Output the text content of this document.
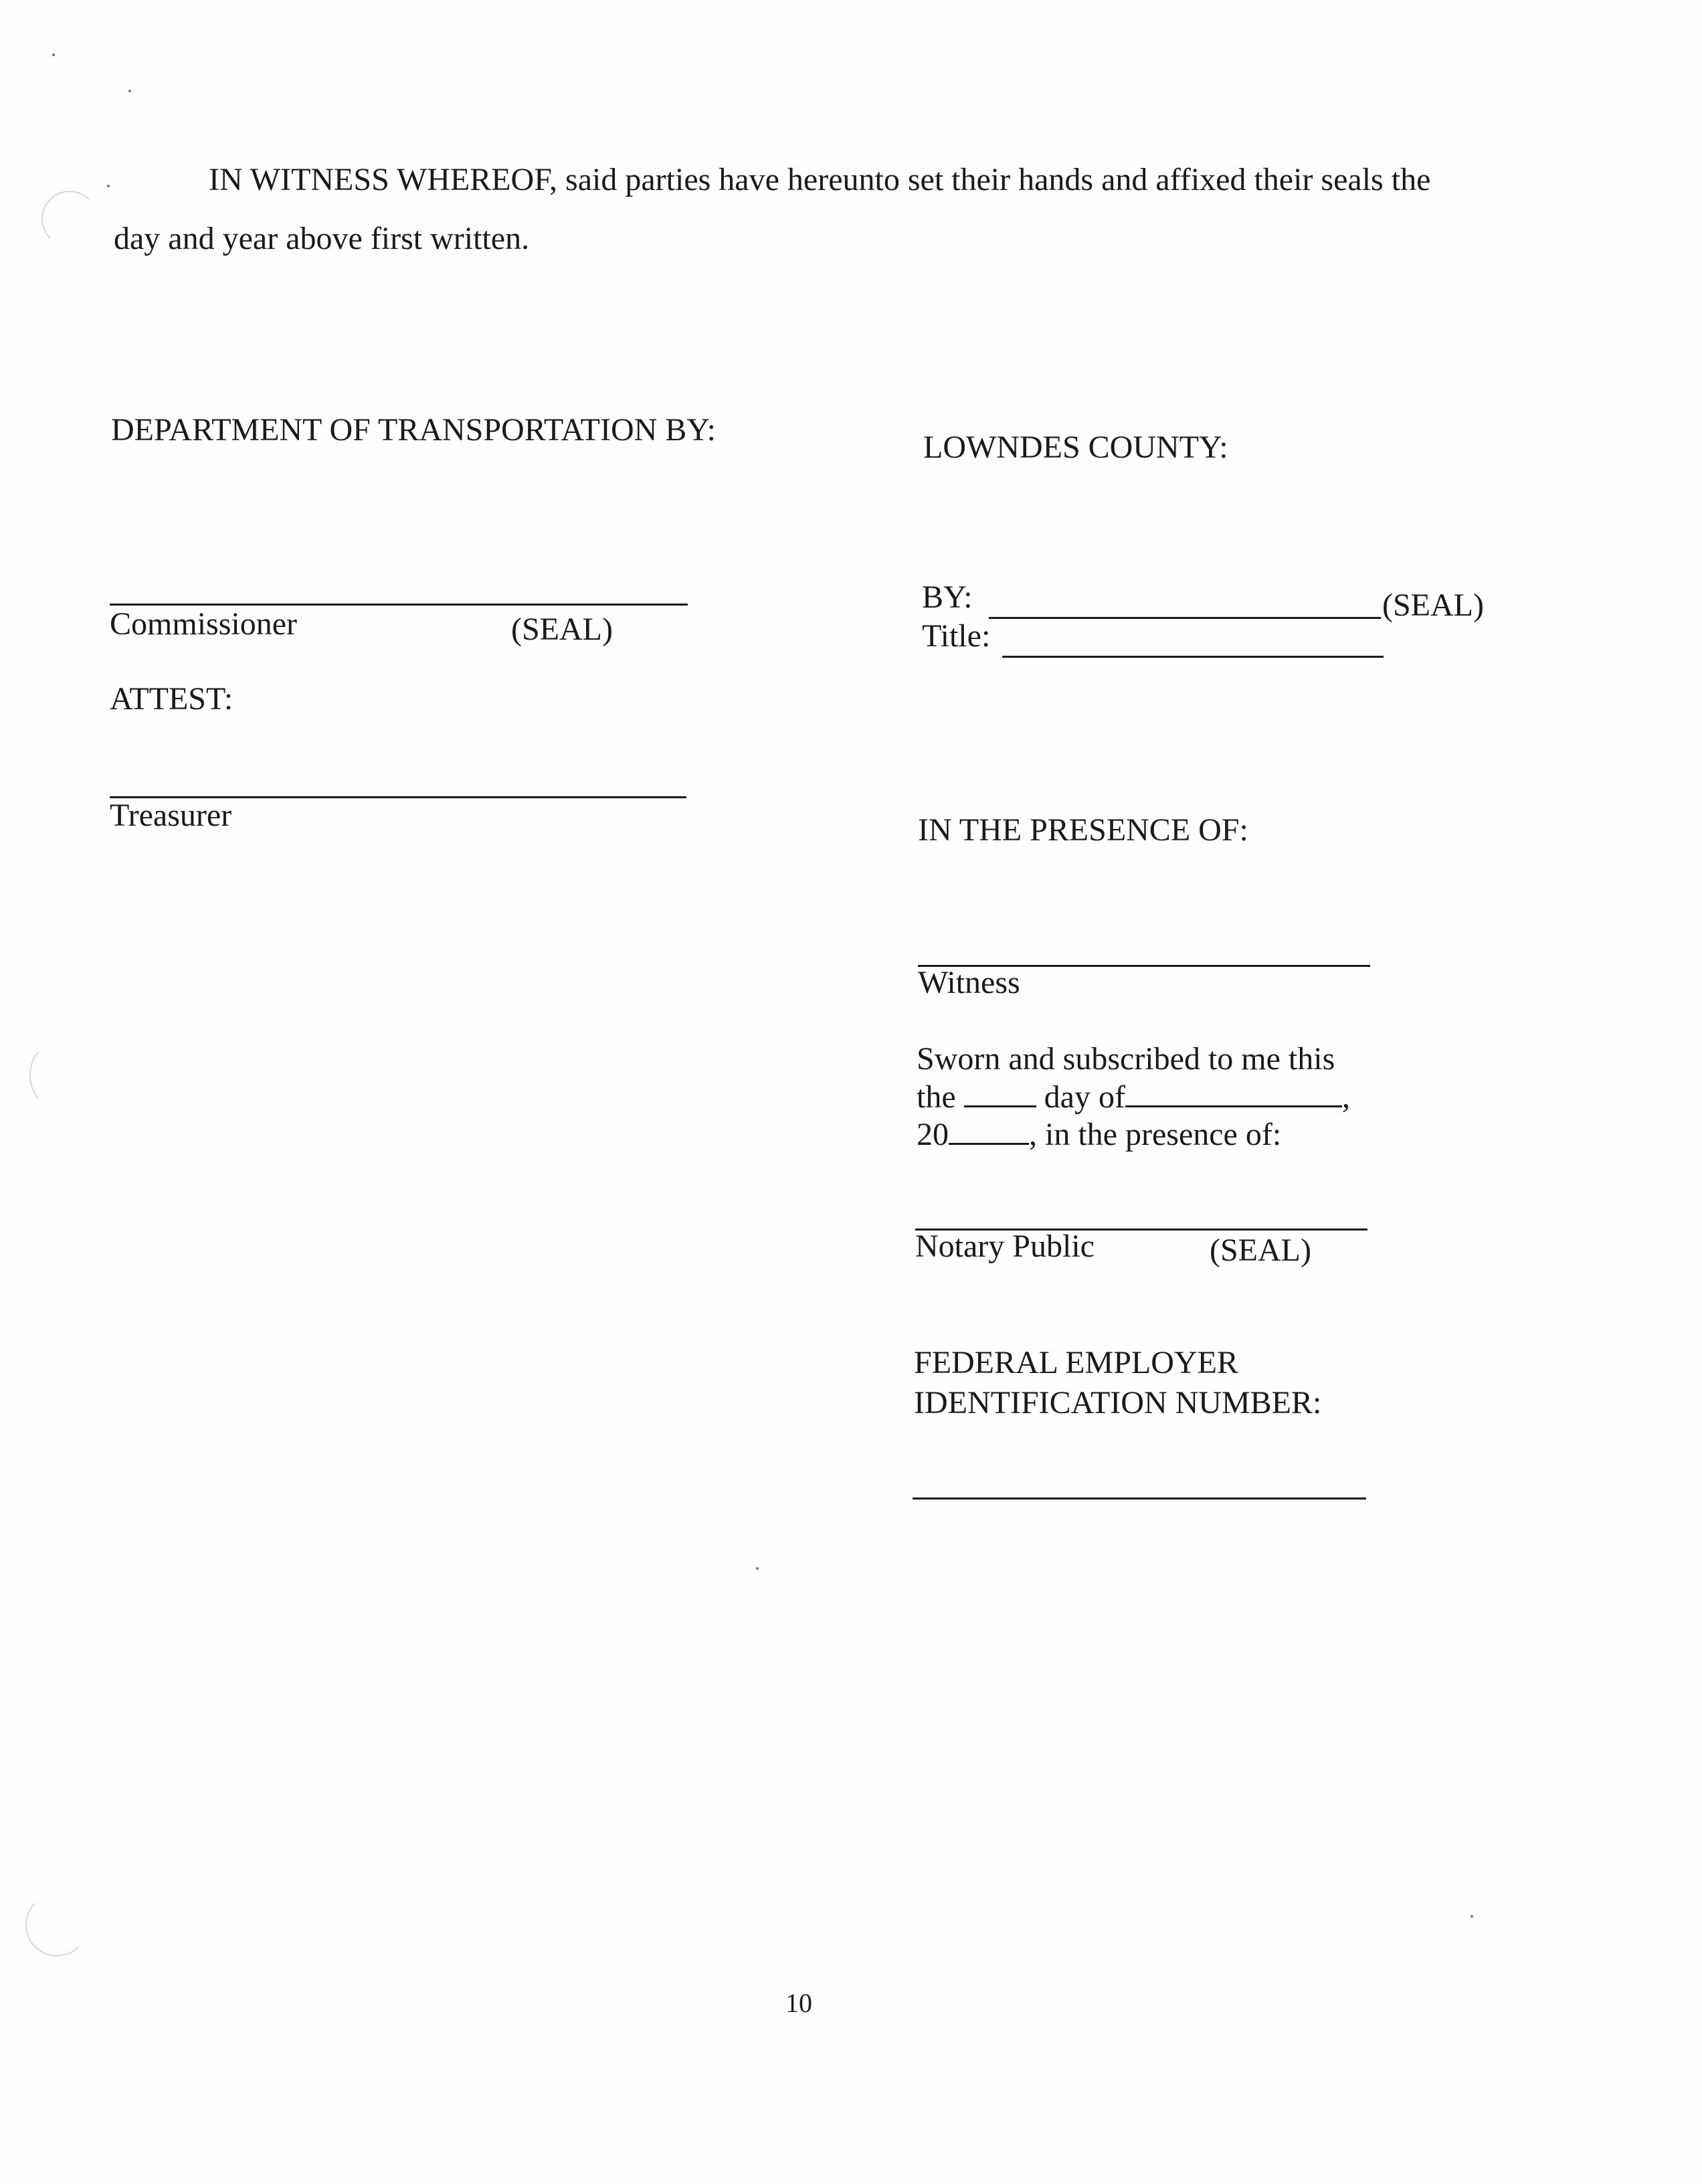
IN WITNESS WHEREOF, said parties have hereunto set their hands and affixed their seals the
day and year above first written.
DEPARTMENT OF TRANSPORTATION BY:
Commissioner	(SEAL)
ATTEST:
Treasurer
LOWNDES COUNTY:
BY:	(SEAL)
Title:
IN THE PRESENCE OF:
Witness
Sworn and subscribed to me this
the	day of	,
20	, in the presence of:
Notary Public	(SEAL)
FEDERAL EMPLOYER
IDENTIFICATION NUMBER:
10
